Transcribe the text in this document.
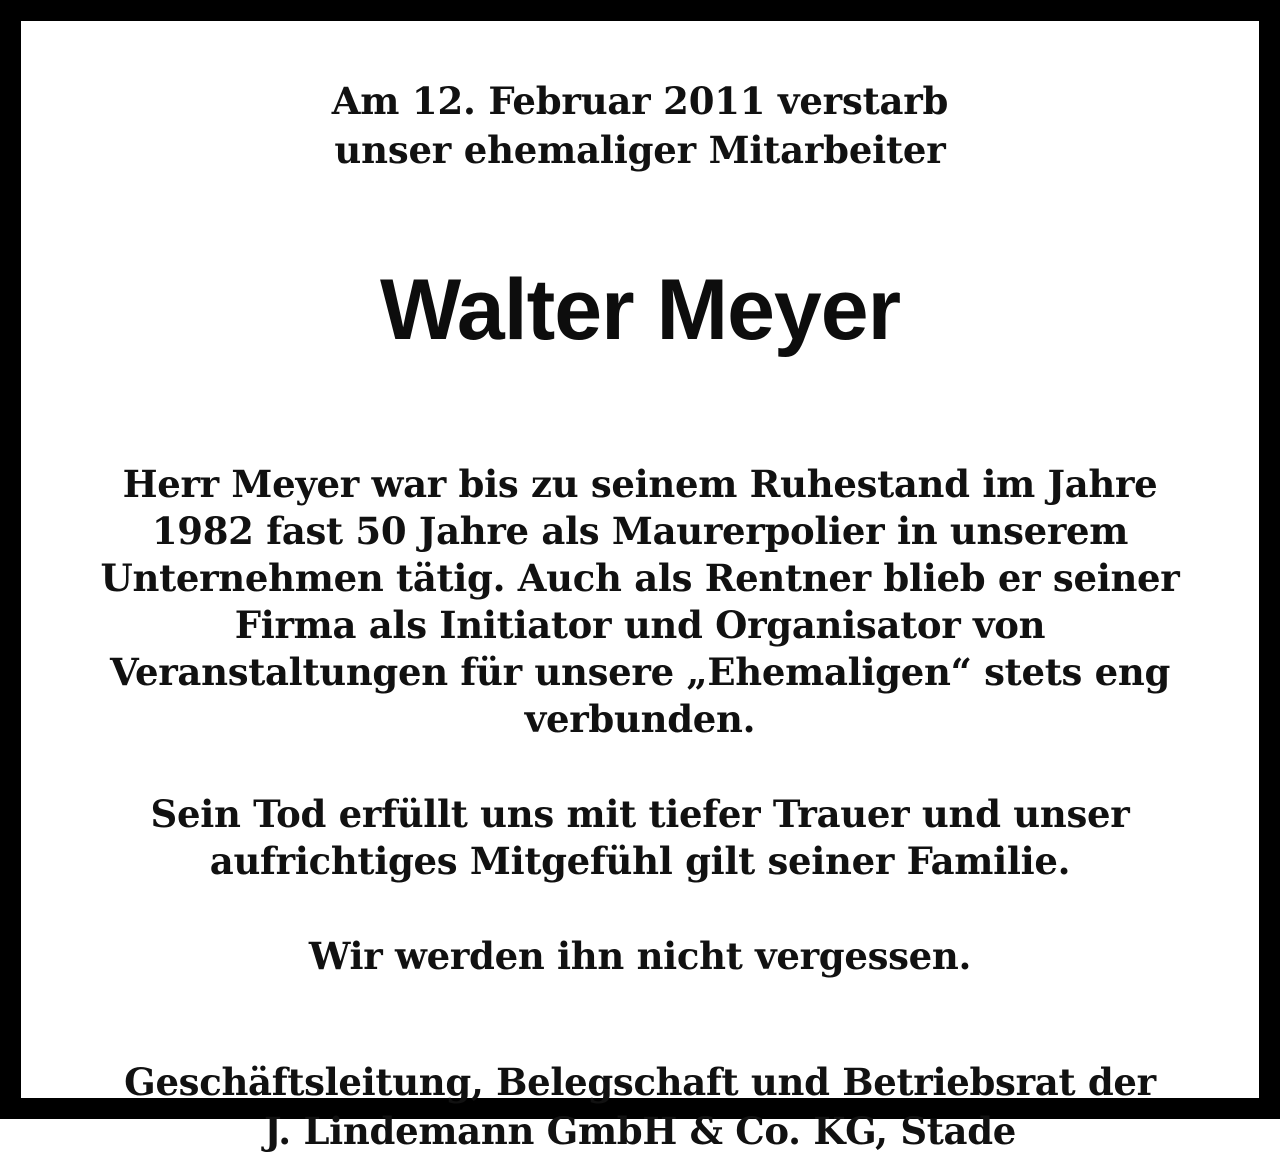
Am 12. Februar 2011 verstarb
unser ehemaliger Mitarbeiter
Walter Meyer
Herr Meyer war bis zu seinem Ruhestand im Jahre 1982 fast 50 Jahre als Maurerpolier in unserem Unternehmen tätig. Auch als Rentner blieb er seiner Firma als Initiator und Organisator von Veranstaltungen für unsere „Ehemaligen“ stets eng verbunden.
Sein Tod erfüllt uns mit tiefer Trauer und unser aufrichtiges Mitgefühl gilt seiner Familie.
Wir werden ihn nicht vergessen.
Geschäftsleitung, Belegschaft und Betriebsrat der
J. Lindemann GmbH & Co. KG, Stade
